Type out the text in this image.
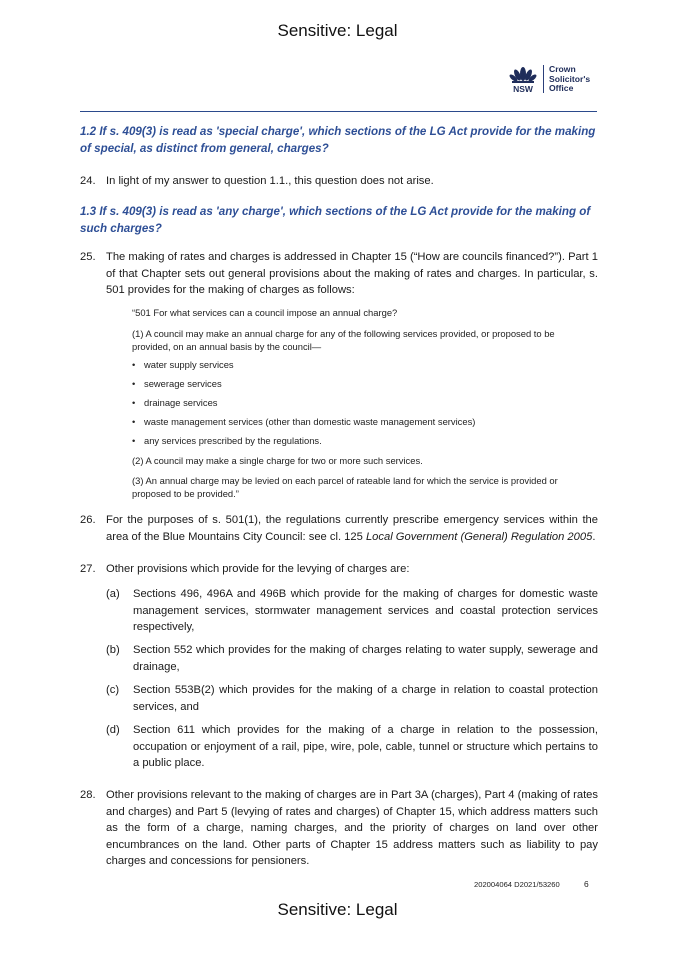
Sensitive: Legal
NSW
Crown
Solicitor's
Office
1.2 If s. 409(3) is read as 'special charge', which sections of the LG Act provide for the making of special, as distinct from general, charges?
24. In light of my answer to question 1.1., this question does not arise.
1.3 If s. 409(3) is read as 'any charge', which sections of the LG Act provide for the making of such charges?
25. The making of rates and charges is addressed in Chapter 15 (“How are councils financed?”). Part 1 of that Chapter sets out general provisions about the making of rates and charges. In particular, s. 501 provides for the making of charges as follows:
“501 For what services can a council impose an annual charge?
(1) A council may make an annual charge for any of the following services provided, or proposed to be provided, on an annual basis by the council—
• water supply services
• sewerage services
• drainage services
• waste management services (other than domestic waste management services)
• any services prescribed by the regulations.
(2) A council may make a single charge for two or more such services.
(3) An annual charge may be levied on each parcel of rateable land for which the service is provided or proposed to be provided.”
26. For the purposes of s. 501(1), the regulations currently prescribe emergency services within the area of the Blue Mountains City Council: see cl. 125 Local Government (General) Regulation 2005.
27. Other provisions which provide for the levying of charges are:
(a) Sections 496, 496A and 496B which provide for the making of charges for domestic waste management services, stormwater management services and coastal protection services respectively,
(b) Section 552 which provides for the making of charges relating to water supply, sewerage and drainage,
(c) Section 553B(2) which provides for the making of a charge in relation to coastal protection services, and
(d) Section 611 which provides for the making of a charge in relation to the possession, occupation or enjoyment of a rail, pipe, wire, pole, cable, tunnel or structure which pertains to a public place.
28. Other provisions relevant to the making of charges are in Part 3A (charges), Part 4 (making of rates and charges) and Part 5 (levying of rates and charges) of Chapter 15, which address matters such as the form of a charge, naming charges, and the priority of charges on land over other encumbrances on the land. Other parts of Chapter 15 address matters such as liability to pay charges and concessions for pensioners.
202004064 D2021/53260	6
Sensitive: Legal
